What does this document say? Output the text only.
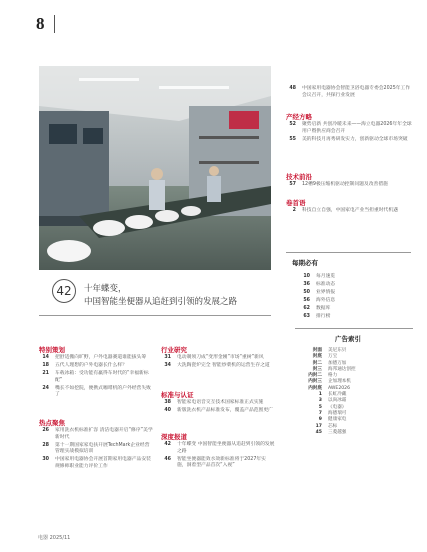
8
42	十年蝶变，
中国智能坐便器从追赶到引领的发展之路
48 中国家用电器协会智能卫浴电器专委会2025年工作会议召开，共探行业发展
产经方略
52 聚势启新 共创冷暖未来——海立电器2026年年全球用户暨供应商会召开
55 美的科技月再秀研发实力，创新驱动全球市场突破
技术前沿
57 12槽9极压缩机驱动控制问题及改善措施
卷首语
2 科技自立自强，中国家电产业当担重时代机遇
每期必有
10 每月速览
36 标准动态
50 业界情报
56 海外信息
62 数据库
63 排行榜
特别策划
14 把舒适搬向旷野，户外电器赛道谁能拔头筹
18 五代人理想的户外电器长什么样？
21 车载冰箱：受功能有赢得车时代的“幸福新标配”
24 嘴长不如挖院，便携式咖啡机的户外经营失败了
热点聚焦
26 家用洗衣机标准扩容 清洁电器开启“修序”美学新时代
28 第十一期国家家电扶开展TechMark企业经营管理实战模拟培训
30 中国家用电器协会开展首期家用电器产品安装规修师职业能力评价工作
行业研究
31 电动剃须刀成“变形金刚”市场“重树”新风
34 大洗陶瓷炉完全 智能炒菜机的运营生存之道
标准与认证
38 智能家电语音交互技术国家标准正式实施
40 新版洗衣机产品标准发布，覆盖产品范围更广
深度报道
42 十年蝶变 中国智能坐便器从追赶到引领的发展之路
46 智能坐便器能效水效新标准将于2027年实施，洞着型产品首次“入视”
广告索引
封面 美尼东贝
封底 万宝
封二 加德万加
封三 海邦通达创控
内封二 格力
内封三 企加理本机
内封底 AWE2026
1 长虹冷藏
3 以尚冰霜
5 《电器》
7 海德瑞可
9 健康家电
17 芯标
45 三菱越强
电器 2025/11
